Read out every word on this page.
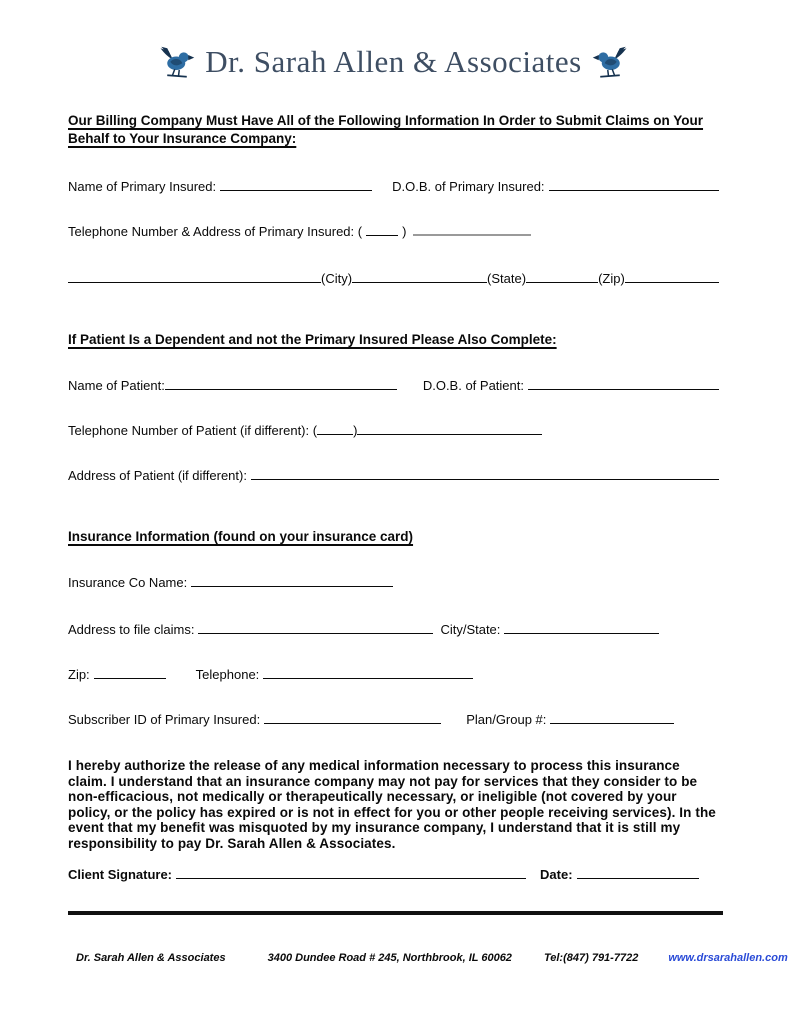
Dr. Sarah Allen & Associates
Our Billing Company Must Have All of the Following Information In Order to Submit Claims on Your Behalf to Your Insurance Company:
Name of Primary Insured:	D.O.B. of Primary Insured:
Telephone Number & Address of Primary Insured: (	)
(City)	(State)	(Zip)
If Patient Is a Dependent and not the Primary Insured Please Also Complete:
Name of Patient:	D.O.B. of Patient:
Telephone Number of Patient (if different): (	)
Address of Patient (if different):
Insurance Information (found on your insurance card)
Insurance Co Name:
Address to file claims:	City/State:
Zip:	Telephone:
Subscriber ID of Primary Insured:	Plan/Group #:

I hereby authorize the release of any medical information necessary to process this insurance claim. I understand that an insurance company may not pay for services that they consider to be non-efficacious, not medically or therapeutically necessary, or ineligible (not covered by your policy, or the policy has expired or is not in effect for you or other people receiving services). In the event that my benefit was misquoted by my insurance company, I understand that it is still my responsibility to pay Dr. Sarah Allen & Associates.

Client Signature:	Date:
Dr. Sarah Allen & Associates	3400 Dundee Road # 245, Northbrook, IL 60062	Tel:(847) 791-7722	www.drsarahallen.com
